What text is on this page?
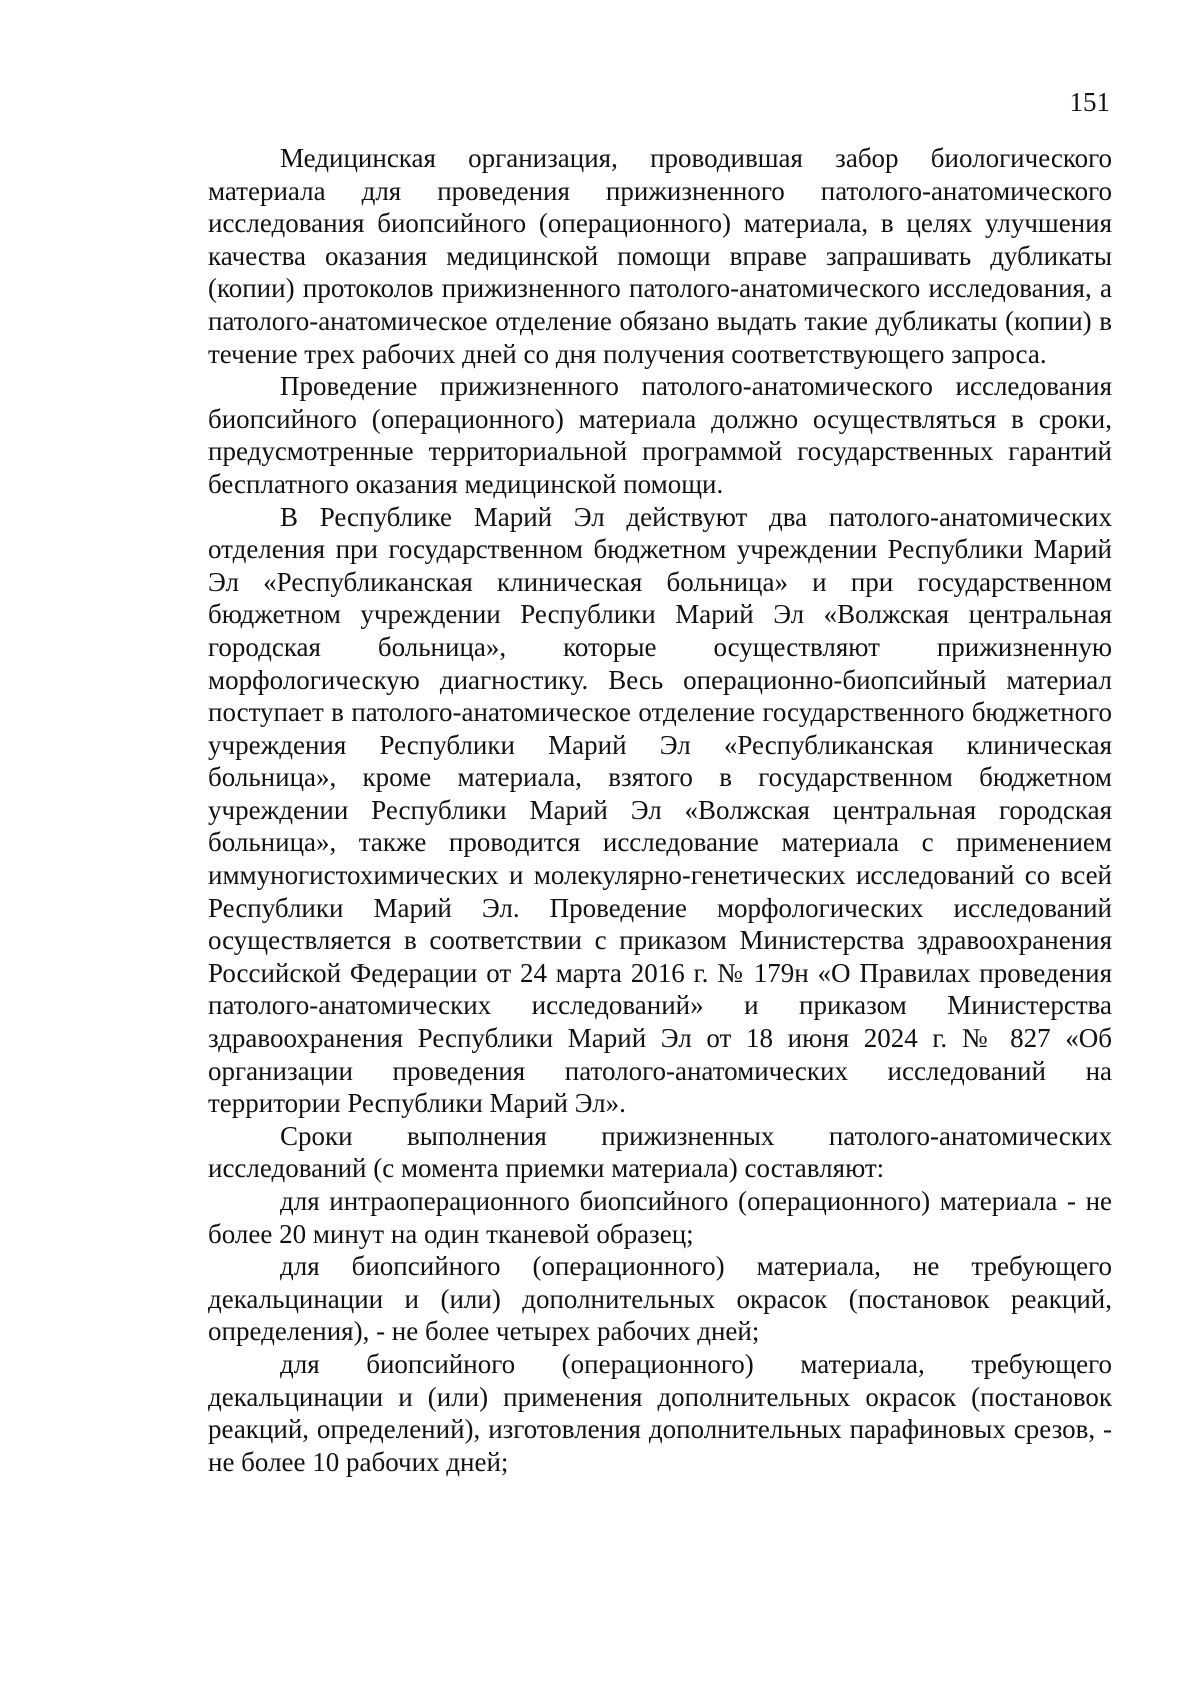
151

Медицинская организация, проводившая забор биологического материала для проведения прижизненного патолого-анатомического исследования биопсийного (операционного) материала, в целях улучшения качества оказания медицинской помощи вправе запрашивать дубликаты (копии) протоколов прижизненного патолого-анатомического исследования, а патолого-анатомическое отделение обязано выдать такие дубликаты (копии) в течение трех рабочих дней со дня получения соответствующего запроса.

Проведение прижизненного патолого-анатомического исследования биопсийного (операционного) материала должно осуществляться в сроки, предусмотренные территориальной программой государственных гарантий бесплатного оказания медицинской помощи.

В Республике Марий Эл действуют два патолого-анатомических отделения при государственном бюджетном учреждении Республики Марий Эл «Республиканская клиническая больница» и при государственном бюджетном учреждении Республики Марий Эл «Волжская центральная городская больница», которые осуществляют прижизненную морфологическую диагностику. Весь операционно-биопсийный материал поступает в патолого-анатомическое отделение государственного бюджетного учреждения Республики Марий Эл «Республиканская клиническая больница», кроме материала, взятого в государственном бюджетном учреждении Республики Марий Эл «Волжская центральная городская больница», также проводится исследование материала с применением иммуногистохимических и молекулярно-генетических исследований со всей Республики Марий Эл. Проведение морфологических исследований осуществляется в соответствии с приказом Министерства здравоохранения Российской Федерации от 24 марта 2016 г. № 179н «О Правилах проведения патолого-анатомических исследований» и приказом Министерства здравоохранения Республики Марий Эл от 18 июня 2024 г. № 827 «Об организации проведения патолого-анатомических исследований на территории Республики Марий Эл».

Сроки выполнения прижизненных патолого-анатомических исследований (с момента приемки материала) составляют:

для интраоперационного биопсийного (операционного) материала - не более 20 минут на один тканевой образец;

для биопсийного (операционного) материала, не требующего декальцинации и (или) дополнительных окрасок (постановок реакций, определения), - не более четырех рабочих дней;

для биопсийного (операционного) материала, требующего декальцинации и (или) применения дополнительных окрасок (постановок реакций, определений), изготовления дополнительных парафиновых срезов, - не более 10 рабочих дней;
